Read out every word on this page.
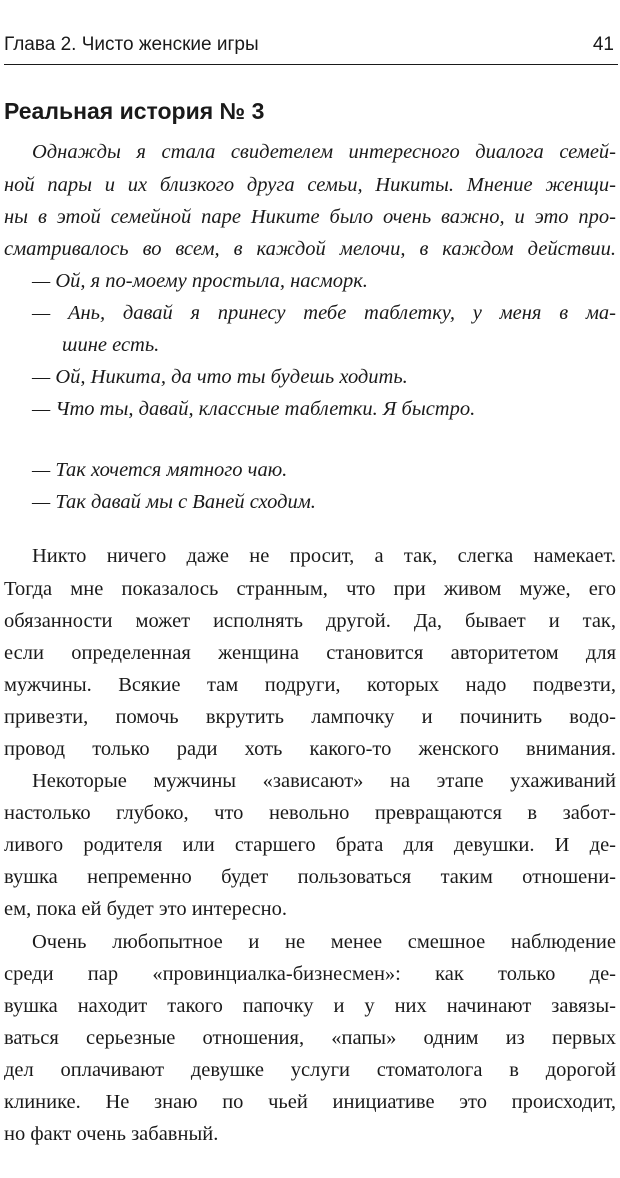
Глава 2. Чисто женские игры	41
Реальная история № 3
Однажды я стала свидетелем интересного диалога семей-
ной пары и их близкого друга семьи, Никиты. Мнение женщи-
ны в этой семейной паре Никите было очень важно, и это про-
сматривалось во всем, в каждой мелочи, в каждом действии.
— Ой, я по-моему простыла, насморк.
— Ань, давай я принесу тебе таблетку, у меня в ма-
шине есть.
— Ой, Никита, да что ты будешь ходить.
— Что ты, давай, классные таблетки. Я быстро.
— Так хочется мятного чаю.
— Так давай мы с Ваней сходим.
Никто ничего даже не просит, а так, слегка намекает.
Тогда мне показалось странным, что при живом муже, его
обязанности может исполнять другой. Да, бывает и так,
если определенная женщина становится авторитетом для
мужчины. Всякие там подруги, которых надо подвезти,
привезти, помочь вкрутить лампочку и починить водо-
провод только ради хоть какого-то женского внимания.
Некоторые мужчины «зависают» на этапе ухаживаний
настолько глубоко, что невольно превращаются в забот-
ливого родителя или старшего брата для девушки. И де-
вушка непременно будет пользоваться таким отношени-
ем, пока ей будет это интересно.
Очень любопытное и не менее смешное наблюдение
среди пар «провинциалка-бизнесмен»: как только де-
вушка находит такого папочку и у них начинают завязы-
ваться серьезные отношения, «папы» одним из первых
дел оплачивают девушке услуги стоматолога в дорогой
клинике. Не знаю по чьей инициативе это происходит,
но факт очень забавный.
